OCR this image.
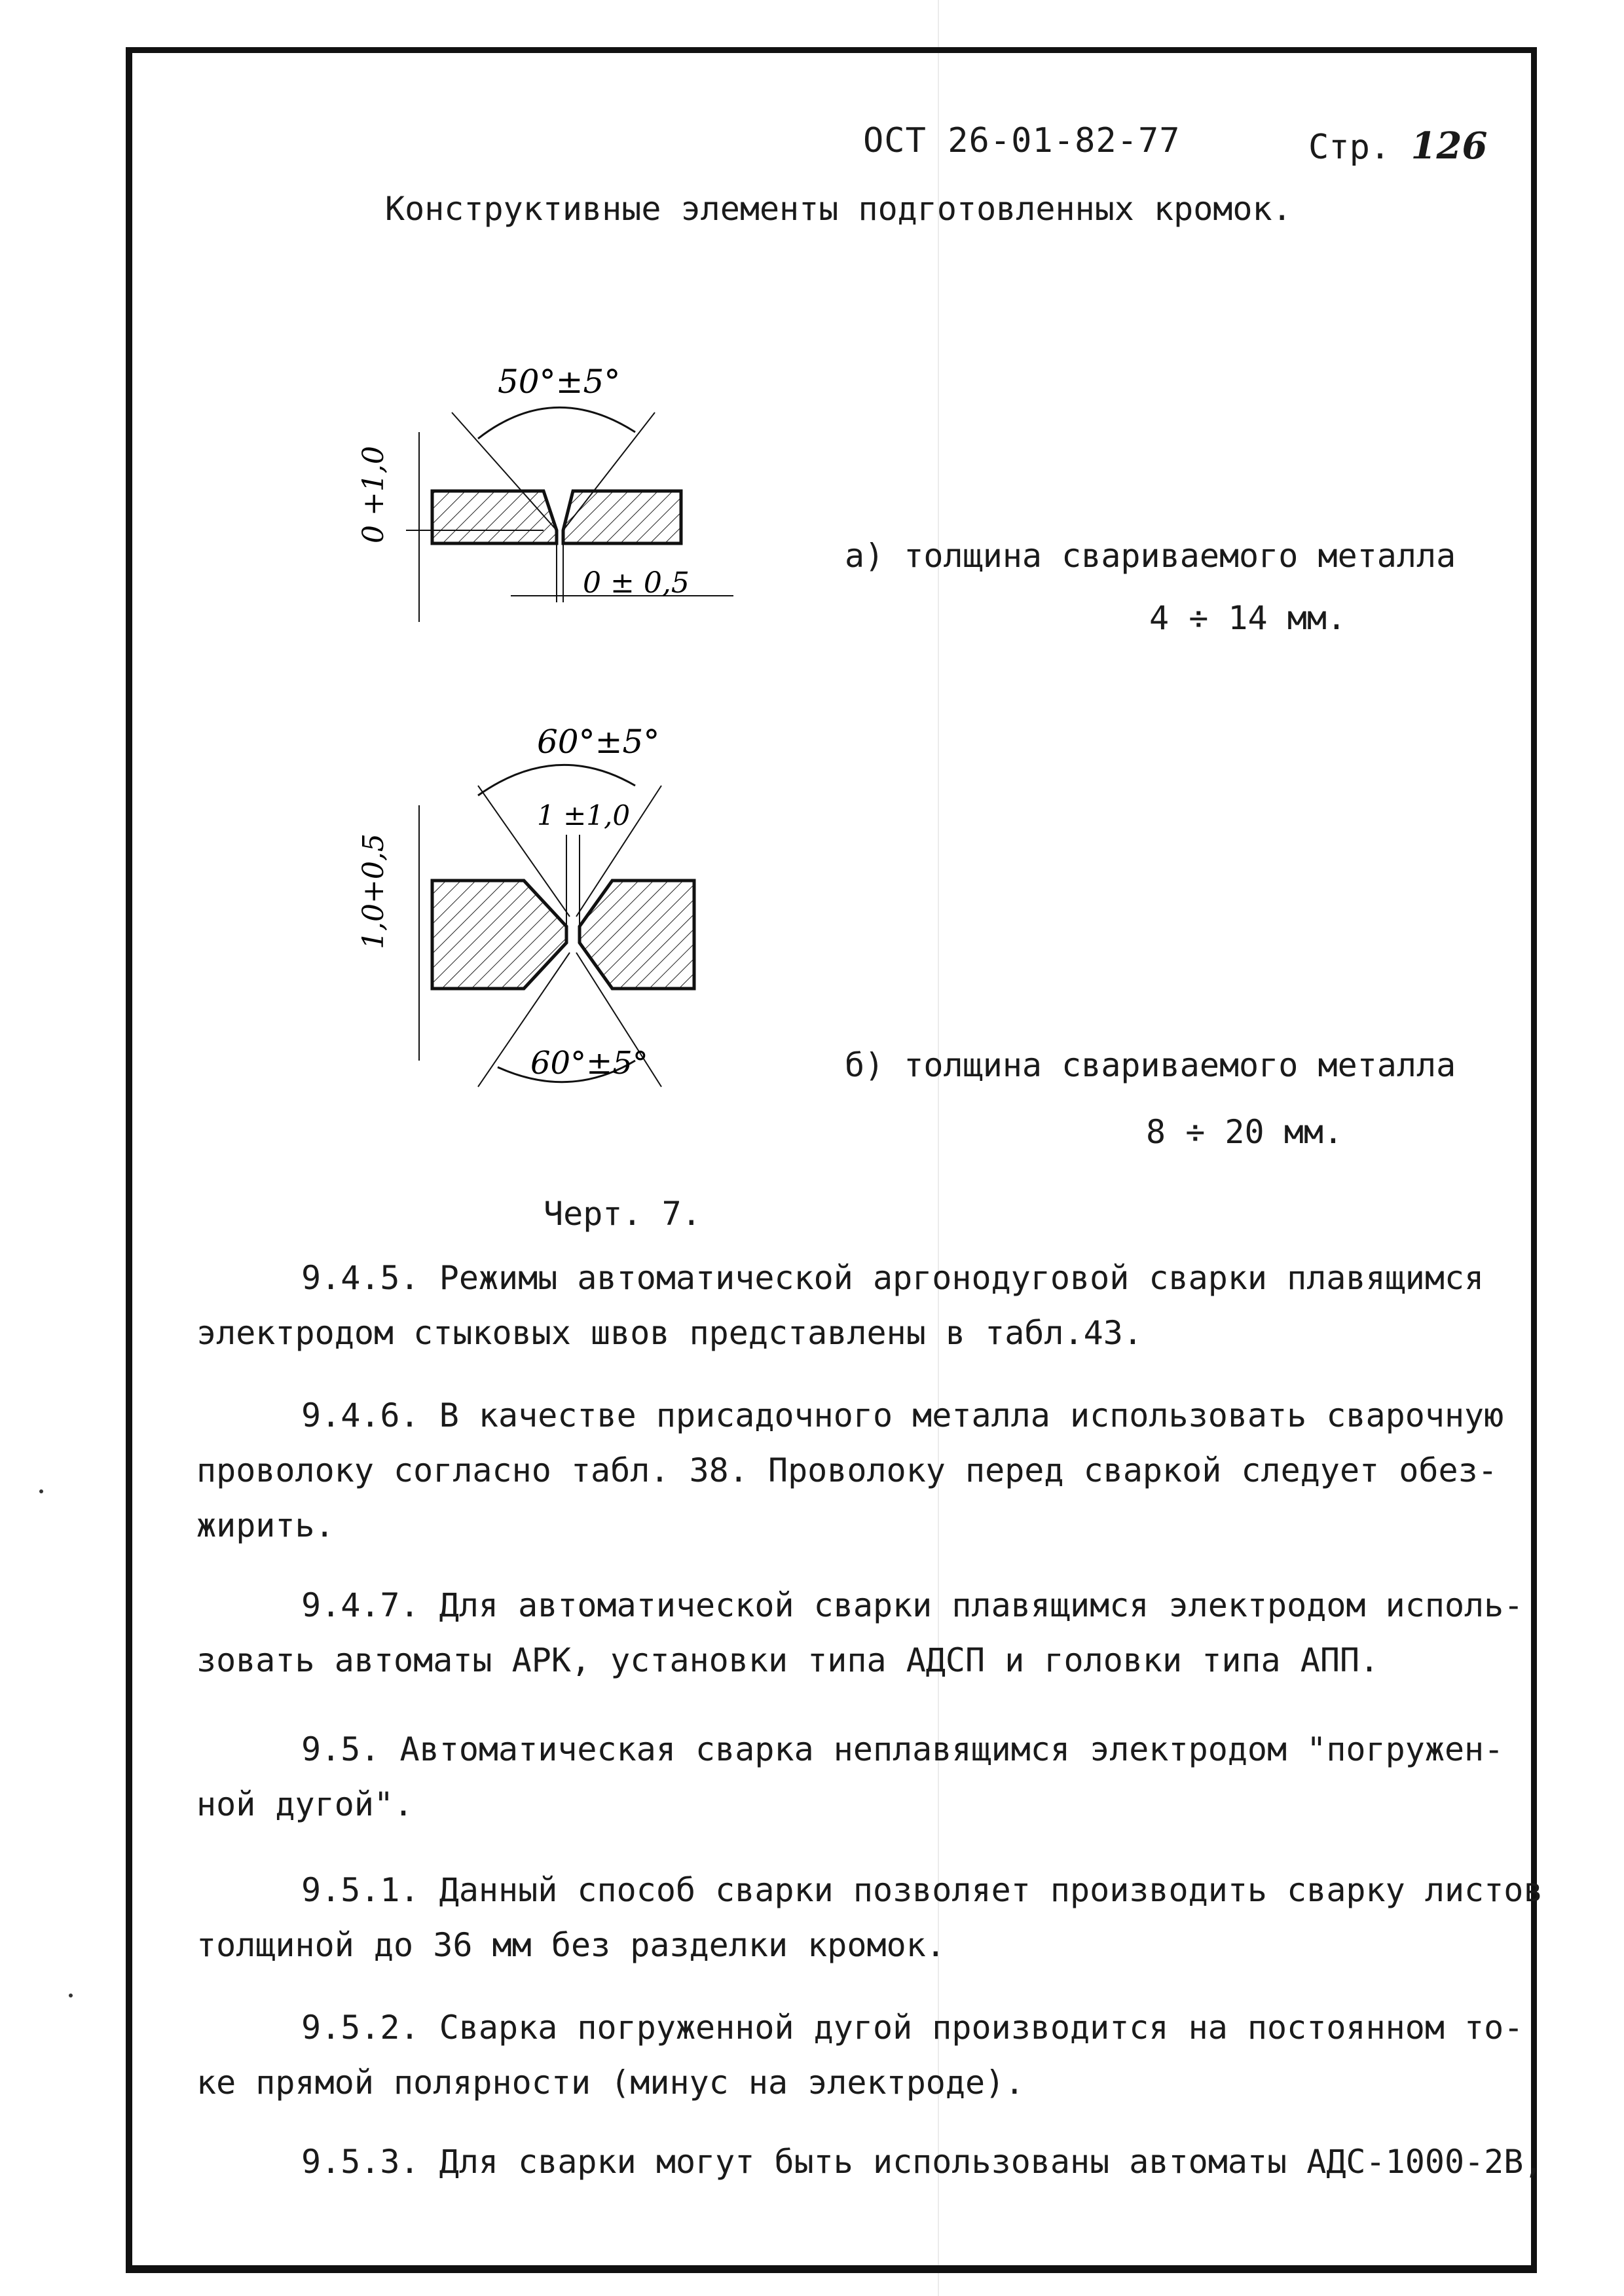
ОСТ 26-01-82-77	Стр. 126
Конструктивные элементы подготовленных кромок.
50°±5°
0 +1,0
0 ± 0,5
60°±5°
1 ±1,0
1,0+0,5
60°±5°
а) толщина свариваемого металла
4 ÷ 14 мм.
б) толщина свариваемого металла
8 ÷ 20 мм.
Черт. 7.
9.4.5. Режимы автоматической аргонодуговой сварки плавящимся
электродом стыковых швов представлены в табл.43.
9.4.6. В качестве присадочного металла использовать сварочную
проволоку согласно табл. 38. Проволоку перед сваркой следует обез-
жирить.
9.4.7. Для автоматической сварки плавящимся электродом исполь-
зовать автоматы АРК, установки типа АДСП и головки типа АПП.
9.5. Автоматическая сварка неплавящимся электродом "погружен-
ной дугой".
9.5.1. Данный способ сварки позволяет производить сварку листов
толщиной до 36 мм без разделки кромок.
9.5.2. Сварка погруженной дугой производится на постоянном то-
ке прямой полярности (минус на электроде).
9.5.3. Для сварки могут быть использованы автоматы АДС-1000-2В,
